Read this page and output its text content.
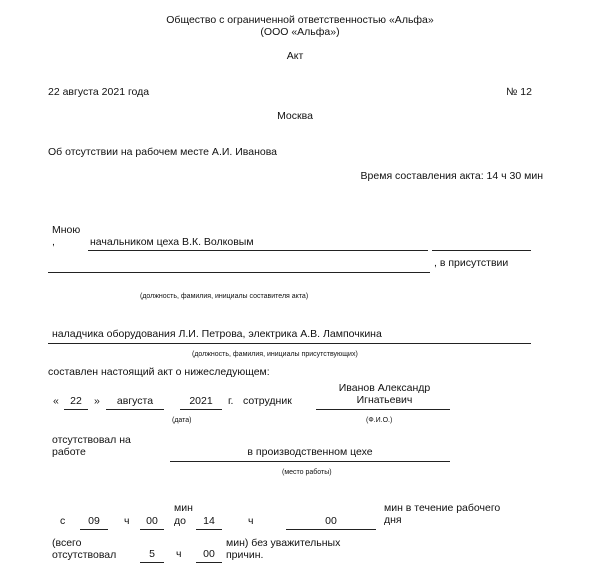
Общество с ограниченной ответственностью «Альфа»
(ООО «Альфа»)
Акт
22 августа 2021 года	№ 12
Москва
Об отсутствии на рабочем месте А.И. Иванова
Время составления акта: 14 ч 30 мин
Мною
,	начальником цеха В.К. Волковым
, в присутствии
(должность, фамилия, инициалы составителя акта)
наладчика оборудования Л.И. Петрова, электрика А.В. Лампочкина
(должность, фамилия, инициалы присутствующих)
составлен настоящий акт о нижеследующем:
«	22	»	августа	2021	г. сотрудник
Иванов Александр
Игнатьевич
(дата)	(Ф.И.О.)
отсутствовал на
работе	в производственном цехе
(место работы)
мин	мин в течение рабочего
с	09	ч	00	до	14	ч	00	дня
(всего
отсутствовал	5	ч	00
мин) без уважительных
причин.
